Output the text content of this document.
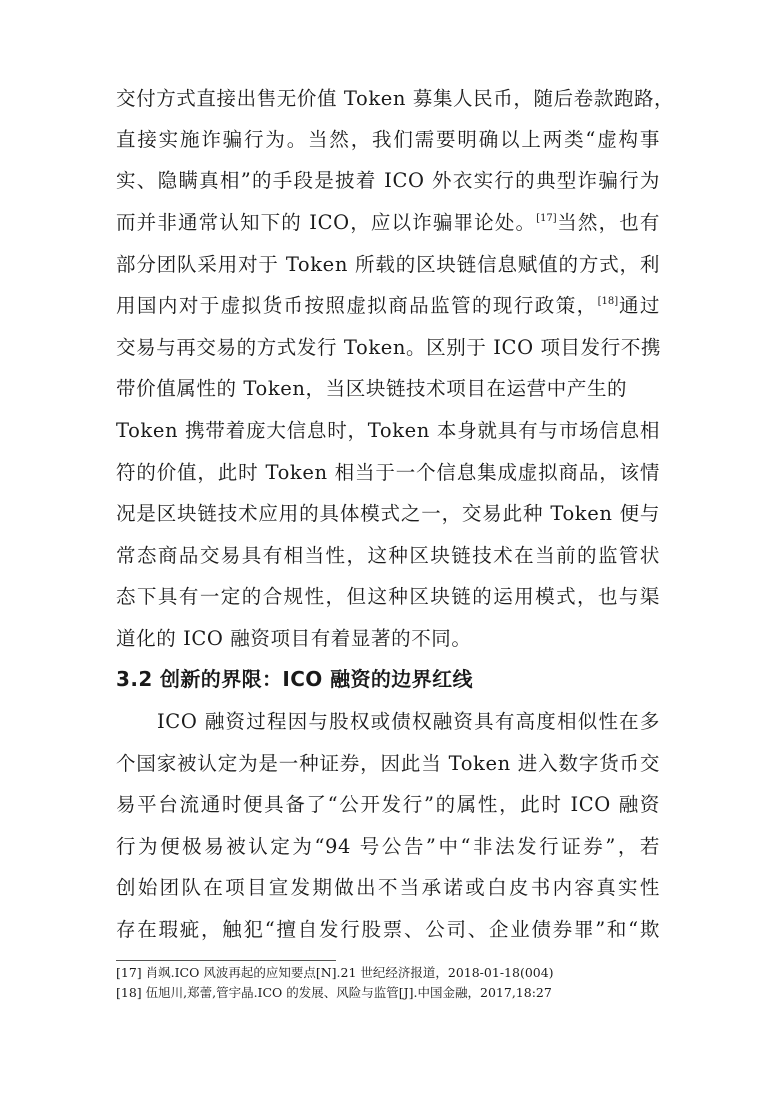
交付方式直接出售无价值 Token 募集人民币，随后卷款跑路，
直接实施诈骗行为。当然，我们需要明确以上两类“虚构事
实、隐瞒真相”的手段是披着 ICO 外衣实行的典型诈骗行为
而并非通常认知下的 ICO，应以诈骗罪论处。[17]当然，也有
部分团队采用对于 Token 所载的区块链信息赋值的方式，利
用国内对于虚拟货币按照虚拟商品监管的现行政策，[18]通过
交易与再交易的方式发行 Token。区别于 ICO 项目发行不携
带价值属性的 Token，当区块链技术项目在运营中产生的
Token 携带着庞大信息时，Token 本身就具有与市场信息相
符的价值，此时 Token 相当于一个信息集成虚拟商品，该情
况是区块链技术应用的具体模式之一，交易此种 Token 便与
常态商品交易具有相当性，这种区块链技术在当前的监管状
态下具有一定的合规性，但这种区块链的运用模式，也与渠
道化的 ICO 融资项目有着显著的不同。
3.2 创新的界限：ICO 融资的边界红线
ICO 融资过程因与股权或债权融资具有高度相似性在多
个国家被认定为是一种证券，因此当 Token 进入数字货币交
易平台流通时便具备了“公开发行”的属性，此时 ICO 融资
行为便极易被认定为“94 号公告”中“非法发行证券”，若
创始团队在项目宣发期做出不当承诺或白皮书内容真实性
存在瑕疵，触犯“擅自发行股票、公司、企业债券罪”和“欺
[17] 肖飒.ICO 风波再起的应知要点[N].21 世纪经济报道，2018-01-18(004)
[18] 伍旭川,郑蕾,管宇晶.ICO 的发展、风险与监管[J].中国金融，2017,18:27
